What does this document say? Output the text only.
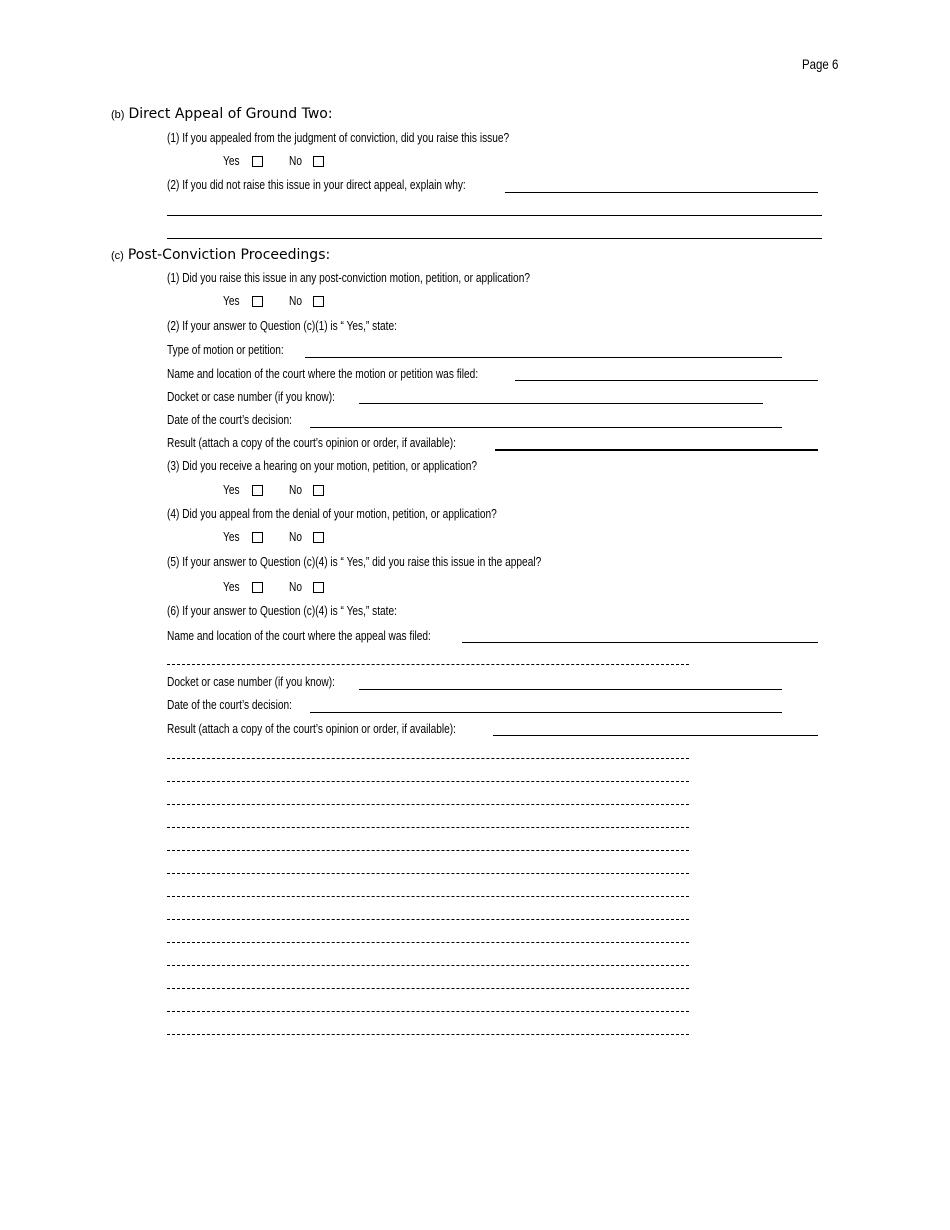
Page 6
(b) Direct Appeal of Ground Two:
(1) If you appealed from the judgment of conviction, did you raise this issue?
Yes	No
(2) If you did not raise this issue in your direct appeal, explain why:
(c) Post-Conviction Proceedings:
(1) Did you raise this issue in any post-conviction motion, petition, or application?
Yes	No
(2) If your answer to Question (c)(1) is “ Yes,” state:
Type of motion or petition:
Name and location of the court where the motion or petition was filed:
Docket or case number (if you know):
Date of the court’s decision:
Result (attach a copy of the court’s opinion or order, if available):
(3) Did you receive a hearing on your motion, petition, or application?
Yes	No
(4) Did you appeal from the denial of your motion, petition, or application?
Yes	No
(5) If your answer to Question (c)(4) is “ Yes,” did you raise this issue in the appeal?
Yes	No
(6) If your answer to Question (c)(4) is “ Yes,” state:
Name and location of the court where the appeal was filed:
Docket or case number (if you know):
Date of the court’s decision:
Result (attach a copy of the court’s opinion or order, if available):
